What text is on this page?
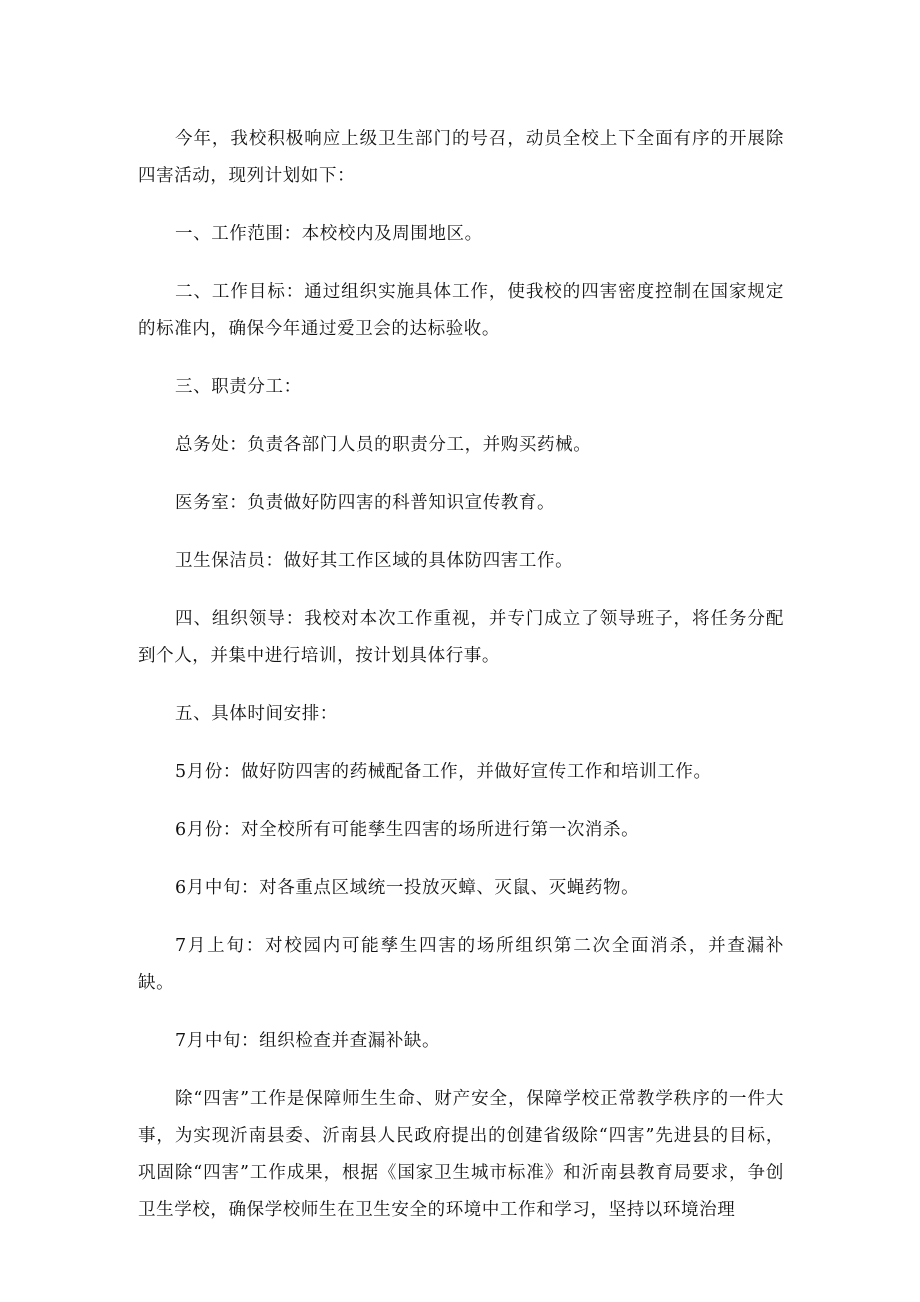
今年，我校积极响应上级卫生部门的号召，动员全校上下全面有序的开展除四害活动，现列计划如下：

一、工作范围：本校校内及周围地区。

二、工作目标：通过组织实施具体工作，使我校的四害密度控制在国家规定的标准内，确保今年通过爱卫会的达标验收。

三、职责分工：

总务处：负责各部门人员的职责分工，并购买药械。

医务室：负责做好防四害的科普知识宣传教育。

卫生保洁员：做好其工作区域的具体防四害工作。

四、组织领导：我校对本次工作重视，并专门成立了领导班子，将任务分配到个人，并集中进行培训，按计划具体行事。

五、具体时间安排：

5月份：做好防四害的药械配备工作，并做好宣传工作和培训工作。

6月份：对全校所有可能孳生四害的场所进行第一次消杀。

6月中旬：对各重点区域统一投放灭蟑、灭鼠、灭蝇药物。

7月上旬：对校园内可能孳生四害的场所组织第二次全面消杀，并查漏补缺。

7月中旬：组织检查并查漏补缺。

除“四害”工作是保障师生生命、财产安全，保障学校正常教学秩序的一件大事，为实现沂南县委、沂南县人民政府提出的创建省级除“四害”先进县的目标，巩固除“四害”工作成果，根据《国家卫生城市标准》和沂南县教育局要求，争创卫生学校，确保学校师生在卫生安全的环境中工作和学习，坚持以环境治理
